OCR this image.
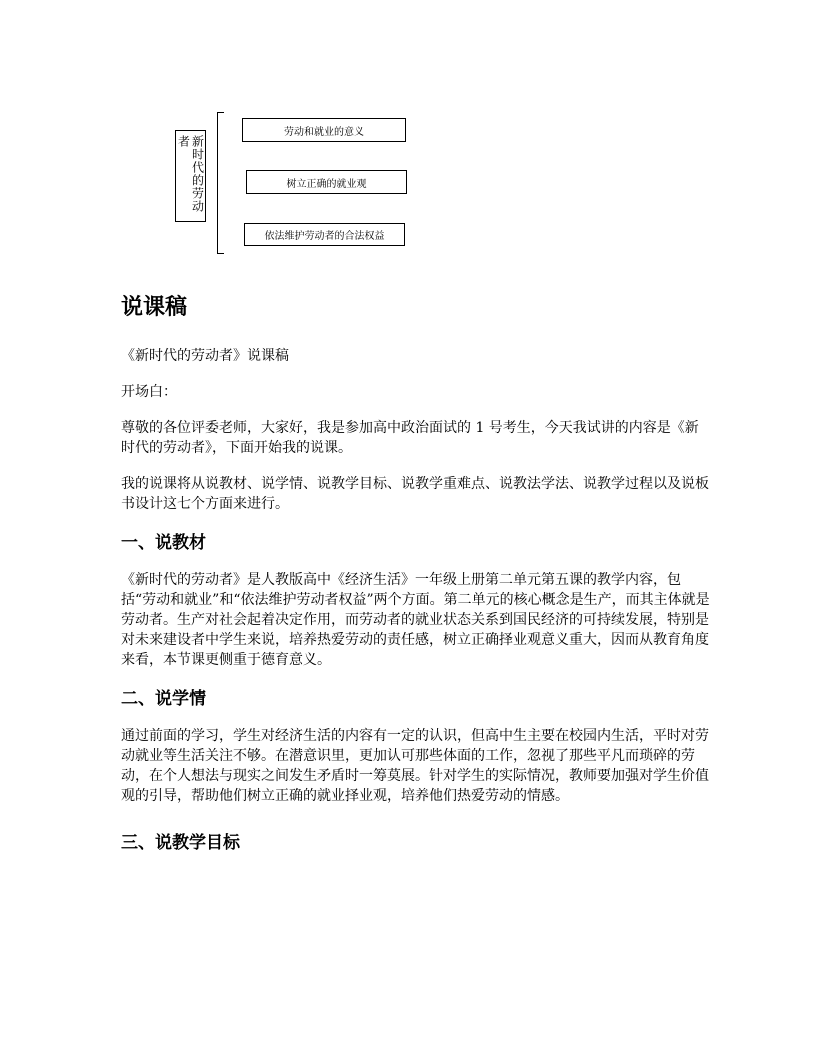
新时代的劳动者
劳动和就业的意义
树立正确的就业观
依法维护劳动者的合法权益
说课稿

《新时代的劳动者》说课稿

开场白：

尊敬的各位评委老师，大家好，我是参加高中政治面试的 1 号考生，今天我试讲的内容是《新时代的劳动者》，下面开始我的说课。

我的说课将从说教材、说学情、说教学目标、说教学重难点、说教法学法、说教学过程以及说板书设计这七个方面来进行。

一、说教材

《新时代的劳动者》是人教版高中《经济生活》一年级上册第二单元第五课的教学内容，包括“劳动和就业”和“依法维护劳动者权益”两个方面。第二单元的核心概念是生产，而其主体就是劳动者。生产对社会起着决定作用，而劳动者的就业状态关系到国民经济的可持续发展，特别是对未来建设者中学生来说，培养热爱劳动的责任感，树立正确择业观意义重大，因而从教育角度来看，本节课更侧重于德育意义。

二、说学情

通过前面的学习，学生对经济生活的内容有一定的认识，但高中生主要在校园内生活，平时对劳动就业等生活关注不够。在潜意识里，更加认可那些体面的工作，忽视了那些平凡而琐碎的劳动，在个人想法与现实之间发生矛盾时一筹莫展。针对学生的实际情况，教师要加强对学生价值观的引导，帮助他们树立正确的就业择业观，培养他们热爱劳动的情感。

三、说教学目标
